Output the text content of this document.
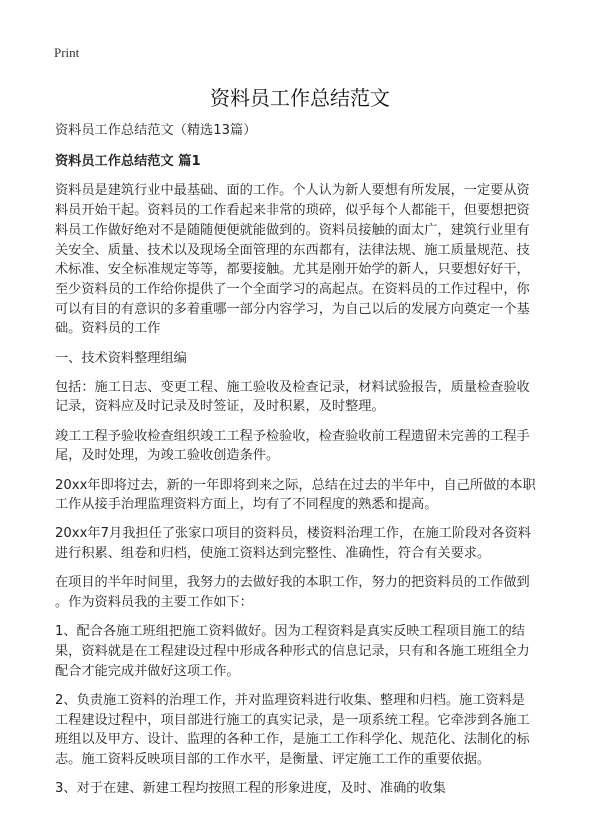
Print
资料员工作总结范文
资料员工作总结范文（精选13篇）
资料员工作总结范文 篇1
资料员是建筑行业中最基础、面的工作。个人认为新人要想有所发展，一定要从资
料员开始干起。资料员的工作看起来非常的琐碎，似乎每个人都能干，但要想把资
料员工作做好绝对不是随随便便就能做到的。资料员接触的面太广，建筑行业里有
关安全、质量、技术以及现场全面管理的东西都有，法律法规、施工质量规范、技
术标准、安全标准规定等等，都要接触。尤其是刚开始学的新人，只要想好好干，
至少资料员的工作给你提供了一个全面学习的高起点。在资料员的工作过程中，你
可以有目的有意识的多着重哪一部分内容学习，为自己以后的发展方向奠定一个基
础。资料员的工作
一、技术资料整理组编
包括：施工日志、变更工程、施工验收及检查记录，材料试验报告，质量检查验收
记录，资料应及时记录及时签证，及时积累，及时整理。
竣工工程予验收检查组织竣工工程予检验收，检查验收前工程遗留未完善的工程手
尾，及时处理，为竣工验收创造条件。
20xx年即将过去，新的一年即将到来之际，总结在过去的半年中，自己所做的本职
工作从接手治理监理资料方面上，均有了不同程度的熟悉和提高。
20xx年7月我担任了张家口项目的资料员，楼资料治理工作，在施工阶段对各资料
进行积累、组卷和归档，使施工资料达到完整性、准确性，符合有关要求。
在项目的半年时间里，我努力的去做好我的本职工作，努力的把资料员的工作做到
。作为资料员我的主要工作如下：
1、配合各施工班组把施工资料做好。因为工程资料是真实反映工程项目施工的结
果，资料就是在工程建设过程中形成各种形式的信息记录，只有和各施工班组全力
配合才能完成并做好这项工作。
2、负责施工资料的治理工作，并对监理资料进行收集、整理和归档。施工资料是
工程建设过程中，项目部进行施工的真实记录，是一项系统工程。它牵涉到各施工
班组以及甲方、设计、监理的各种工作，是施工工作科学化、规范化、法制化的标
志。施工资料反映项目部的工作水平，是衡量、评定施工工作的重要依据。
3、对于在建、新建工程均按照工程的形象进度，及时、准确的收集
